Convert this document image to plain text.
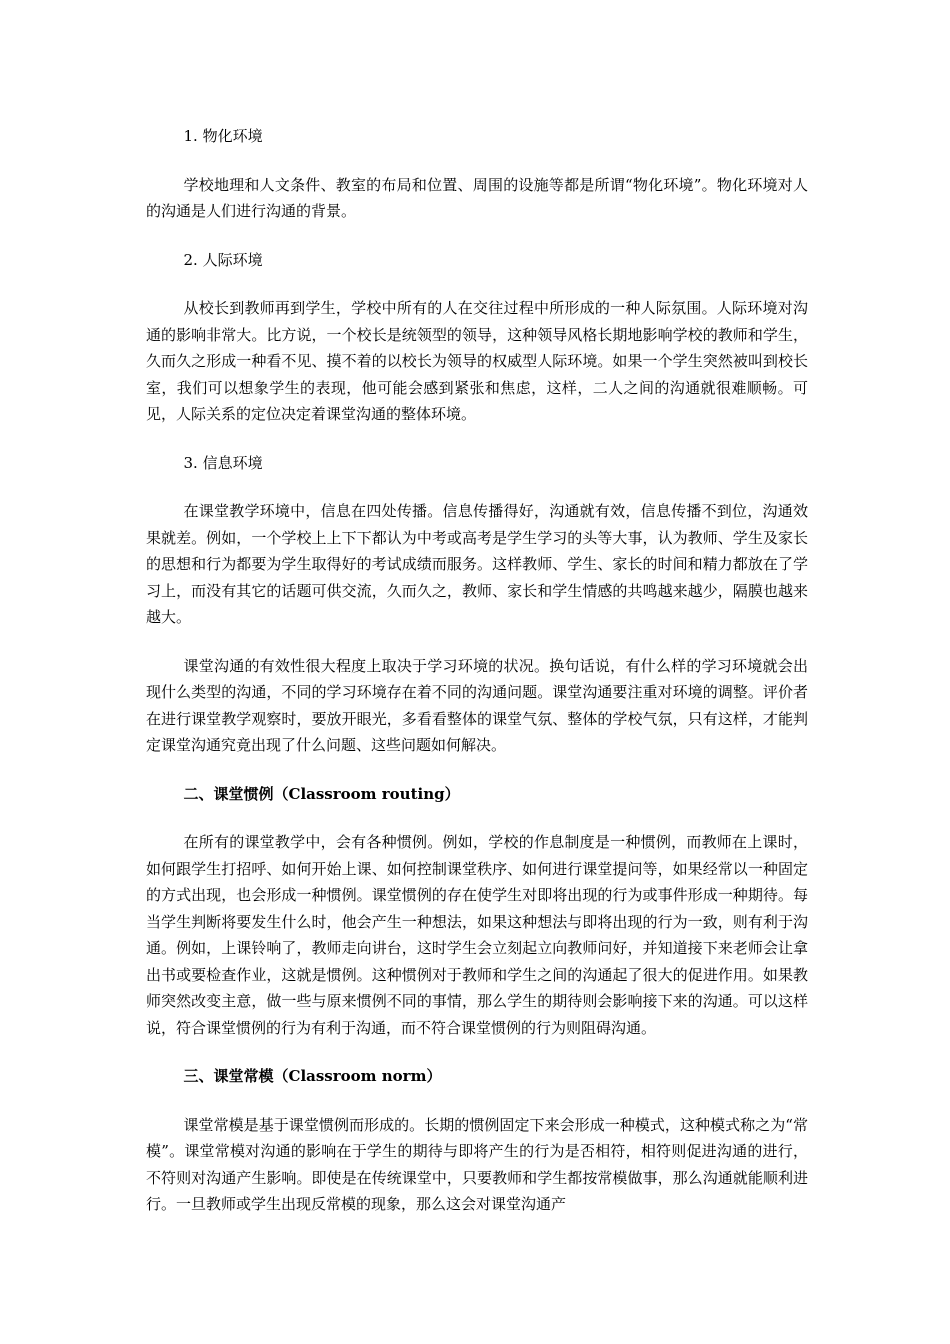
1. 物化环境

学校地理和人文条件、教室的布局和位置、周围的设施等都是所谓“物化环境”。物化环境对人的沟通是人们进行沟通的背景。

2. 人际环境

从校长到教师再到学生，学校中所有的人在交往过程中所形成的一种人际氛围。人际环境对沟通的影响非常大。比方说，一个校长是统领型的领导，这种领导风格长期地影响学校的教师和学生，久而久之形成一种看不见、摸不着的以校长为领导的权威型人际环境。如果一个学生突然被叫到校长室，我们可以想象学生的表现，他可能会感到紧张和焦虑，这样，二人之间的沟通就很难顺畅。可见，人际关系的定位决定着课堂沟通的整体环境。

3. 信息环境

在课堂教学环境中，信息在四处传播。信息传播得好，沟通就有效，信息传播不到位，沟通效果就差。例如，一个学校上上下下都认为中考或高考是学生学习的头等大事，认为教师、学生及家长的思想和行为都要为学生取得好的考试成绩而服务。这样教师、学生、家长的时间和精力都放在了学习上，而没有其它的话题可供交流，久而久之，教师、家长和学生情感的共鸣越来越少，隔膜也越来越大。

课堂沟通的有效性很大程度上取决于学习环境的状况。换句话说，有什么样的学习环境就会出现什么类型的沟通，不同的学习环境存在着不同的沟通问题。课堂沟通要注重对环境的调整。评价者在进行课堂教学观察时，要放开眼光，多看看整体的课堂气氛、整体的学校气氛，只有这样，才能判定课堂沟通究竟出现了什么问题、这些问题如何解决。

二、课堂惯例（Classroom routing）

在所有的课堂教学中，会有各种惯例。例如，学校的作息制度是一种惯例，而教师在上课时，如何跟学生打招呼、如何开始上课、如何控制课堂秩序、如何进行课堂提问等，如果经常以一种固定的方式出现，也会形成一种惯例。课堂惯例的存在使学生对即将出现的行为或事件形成一种期待。每当学生判断将要发生什么时，他会产生一种想法，如果这种想法与即将出现的行为一致，则有利于沟通。例如，上课铃响了，教师走向讲台，这时学生会立刻起立向教师问好，并知道接下来老师会让拿出书或要检查作业，这就是惯例。这种惯例对于教师和学生之间的沟通起了很大的促进作用。如果教师突然改变主意，做一些与原来惯例不同的事情，那么学生的期待则会影响接下来的沟通。可以这样说，符合课堂惯例的行为有利于沟通，而不符合课堂惯例的行为则阻碍沟通。

三、课堂常模（Classroom norm）

课堂常模是基于课堂惯例而形成的。长期的惯例固定下来会形成一种模式，这种模式称之为“常模”。课堂常模对沟通的影响在于学生的期待与即将产生的行为是否相符，相符则促进沟通的进行，不符则对沟通产生影响。即使是在传统课堂中，只要教师和学生都按常模做事，那么沟通就能顺利进行。一旦教师或学生出现反常模的现象，那么这会对课堂沟通产
